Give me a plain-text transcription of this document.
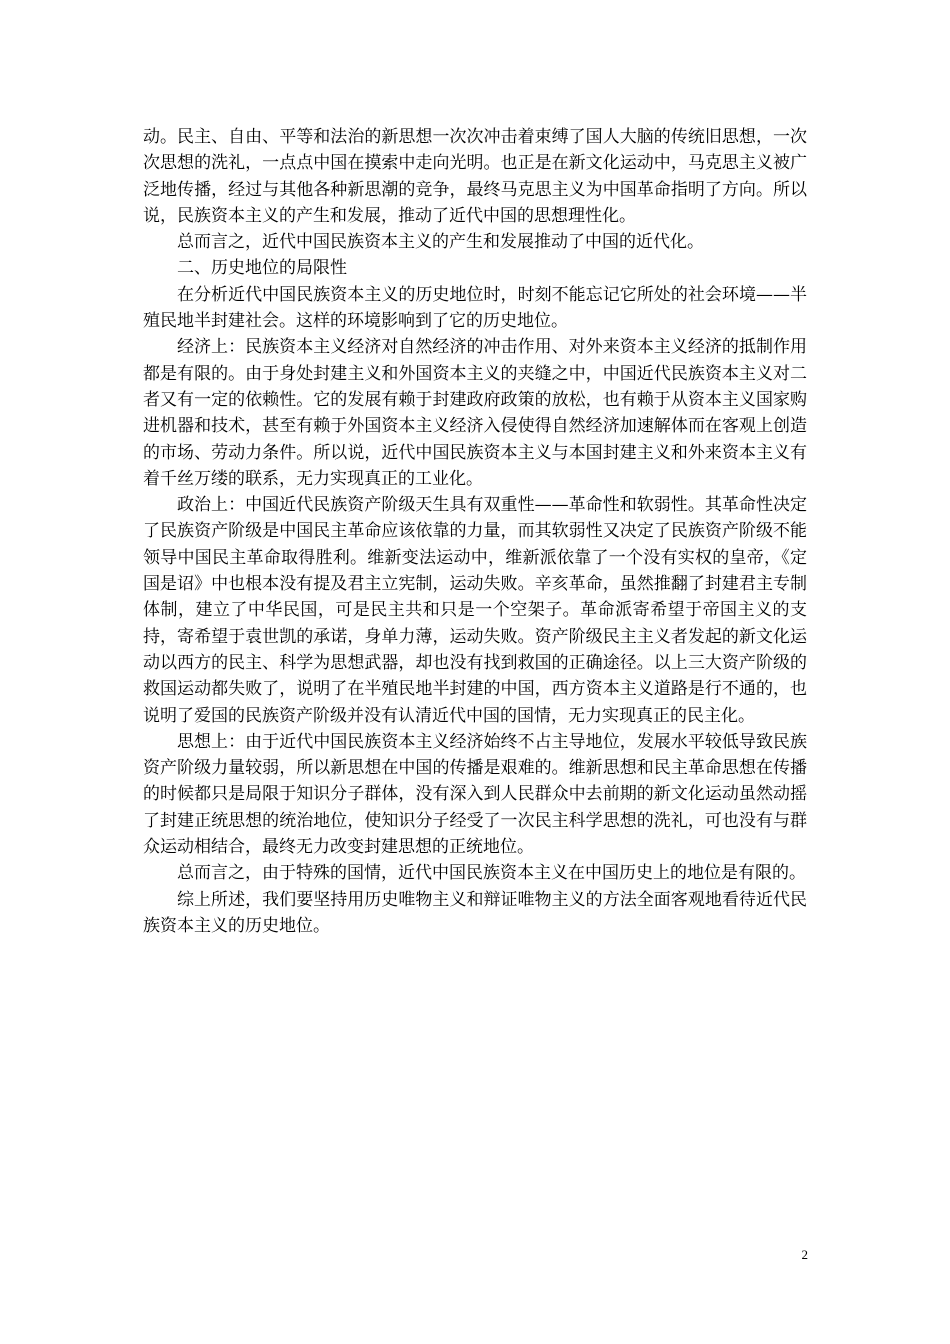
动。民主、自由、平等和法治的新思想一次次冲击着束缚了国人大脑的传统旧思想，一次次思想的洗礼，一点点中国在摸索中走向光明。也正是在新文化运动中，马克思主义被广泛地传播，经过与其他各种新思潮的竞争，最终马克思主义为中国革命指明了方向。所以说，民族资本主义的产生和发展，推动了近代中国的思想理性化。

总而言之，近代中国民族资本主义的产生和发展推动了中国的近代化。

二、历史地位的局限性

在分析近代中国民族资本主义的历史地位时，时刻不能忘记它所处的社会环境——半殖民地半封建社会。这样的环境影响到了它的历史地位。

经济上：民族资本主义经济对自然经济的冲击作用、对外来资本主义经济的抵制作用都是有限的。由于身处封建主义和外国资本主义的夹缝之中，中国近代民族资本主义对二者又有一定的依赖性。它的发展有赖于封建政府政策的放松，也有赖于从资本主义国家购进机器和技术，甚至有赖于外国资本主义经济入侵使得自然经济加速解体而在客观上创造的市场、劳动力条件。所以说，近代中国民族资本主义与本国封建主义和外来资本主义有着千丝万缕的联系，无力实现真正的工业化。

政治上：中国近代民族资产阶级天生具有双重性——革命性和软弱性。其革命性决定了民族资产阶级是中国民主革命应该依靠的力量，而其软弱性又决定了民族资产阶级不能领导中国民主革命取得胜利。维新变法运动中，维新派依靠了一个没有实权的皇帝，《定国是诏》中也根本没有提及君主立宪制，运动失败。辛亥革命，虽然推翻了封建君主专制体制，建立了中华民国，可是民主共和只是一个空架子。革命派寄希望于帝国主义的支持，寄希望于袁世凯的承诺，身单力薄，运动失败。资产阶级民主主义者发起的新文化运动以西方的民主、科学为思想武器，却也没有找到救国的正确途径。以上三大资产阶级的救国运动都失败了，说明了在半殖民地半封建的中国，西方资本主义道路是行不通的，也说明了爱国的民族资产阶级并没有认清近代中国的国情，无力实现真正的民主化。

思想上：由于近代中国民族资本主义经济始终不占主导地位，发展水平较低导致民族资产阶级力量较弱，所以新思想在中国的传播是艰难的。维新思想和民主革命思想在传播的时候都只是局限于知识分子群体，没有深入到人民群众中去前期的新文化运动虽然动摇了封建正统思想的统治地位，使知识分子经受了一次民主科学思想的洗礼，可也没有与群众运动相结合，最终无力改变封建思想的正统地位。

总而言之，由于特殊的国情，近代中国民族资本主义在中国历史上的地位是有限的。

综上所述，我们要坚持用历史唯物主义和辩证唯物主义的方法全面客观地看待近代民族资本主义的历史地位。

2
